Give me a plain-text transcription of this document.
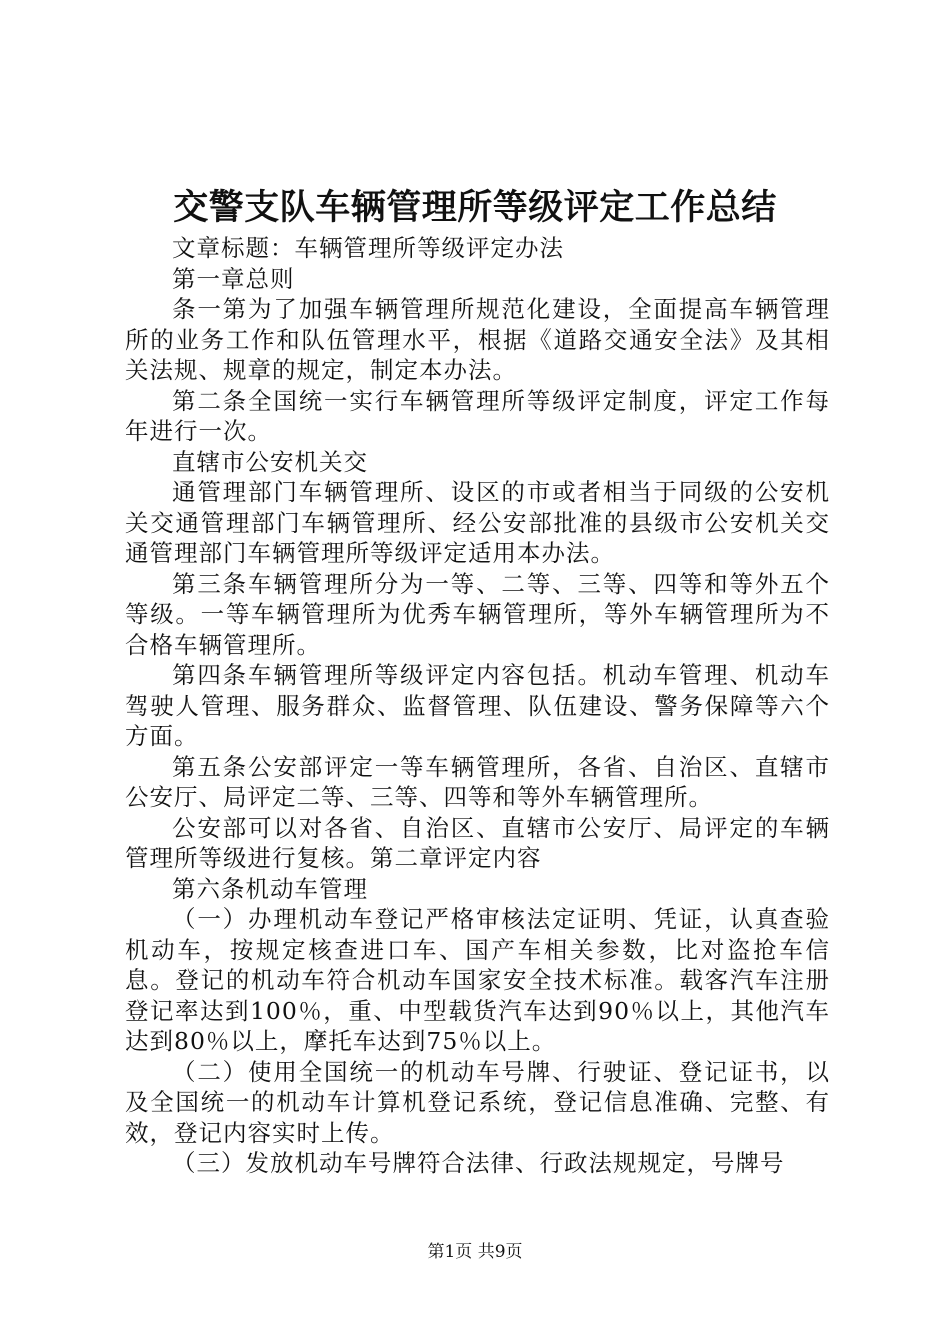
交警支队车辆管理所等级评定工作总结

文章标题：车辆管理所等级评定办法

第一章总则

条一第为了加强车辆管理所规范化建设，全面提高车辆管理所的业务工作和队伍管理水平，根据《道路交通安全法》及其相关法规、规章的规定，制定本办法。

第二条全国统一实行车辆管理所等级评定制度，评定工作每年进行一次。

直辖市公安机关交

通管理部门车辆管理所、设区的市或者相当于同级的公安机关交通管理部门车辆管理所、经公安部批准的县级市公安机关交通管理部门车辆管理所等级评定适用本办法。

第三条车辆管理所分为一等、二等、三等、四等和等外五个等级。一等车辆管理所为优秀车辆管理所，等外车辆管理所为不合格车辆管理所。

第四条车辆管理所等级评定内容包括。机动车管理、机动车驾驶人管理、服务群众、监督管理、队伍建设、警务保障等六个方面。

第五条公安部评定一等车辆管理所，各省、自治区、直辖市公安厅、局评定二等、三等、四等和等外车辆管理所。

公安部可以对各省、自治区、直辖市公安厅、局评定的车辆管理所等级进行复核。第二章评定内容

第六条机动车管理

（一）办理机动车登记严格审核法定证明、凭证，认真查验机动车，按规定核查进口车、国产车相关参数，比对盗抢车信息。登记的机动车符合机动车国家安全技术标准。载客汽车注册登记率达到100％，重、中型载货汽车达到90％以上，其他汽车达到80％以上，摩托车达到75％以上。

（二）使用全国统一的机动车号牌、行驶证、登记证书，以及全国统一的机动车计算机登记系统，登记信息准确、完整、有效，登记内容实时上传。

（三）发放机动车号牌符合法律、行政法规规定，号牌号

第1页 共9页
